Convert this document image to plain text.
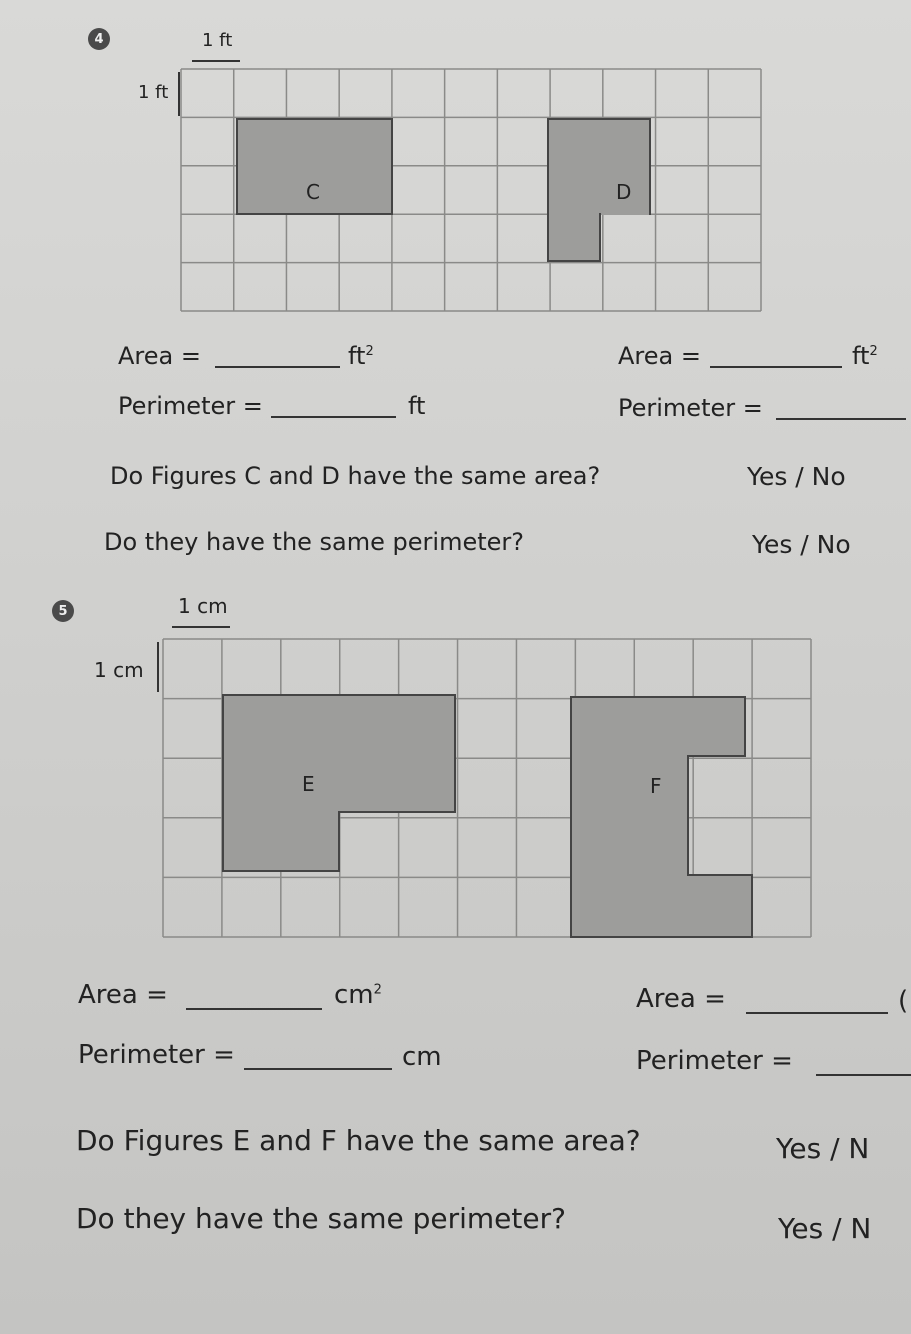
4	1 ft
1 ft
C	D
Area =	$ft^2$	Area =	$ft^2$
Perimeter =	ft	Perimeter =
Do Figures C and D have the same area?	Yes / No
Do they have the same perimeter?	Yes / No
5	1 cm
1 cm
E	F
Area =	$cm^2$	Area =	(
Perimeter =	cm	Perimeter =
Do Figures E and F have the same area?	Yes / N
Do they have the same perimeter?	Yes / N
